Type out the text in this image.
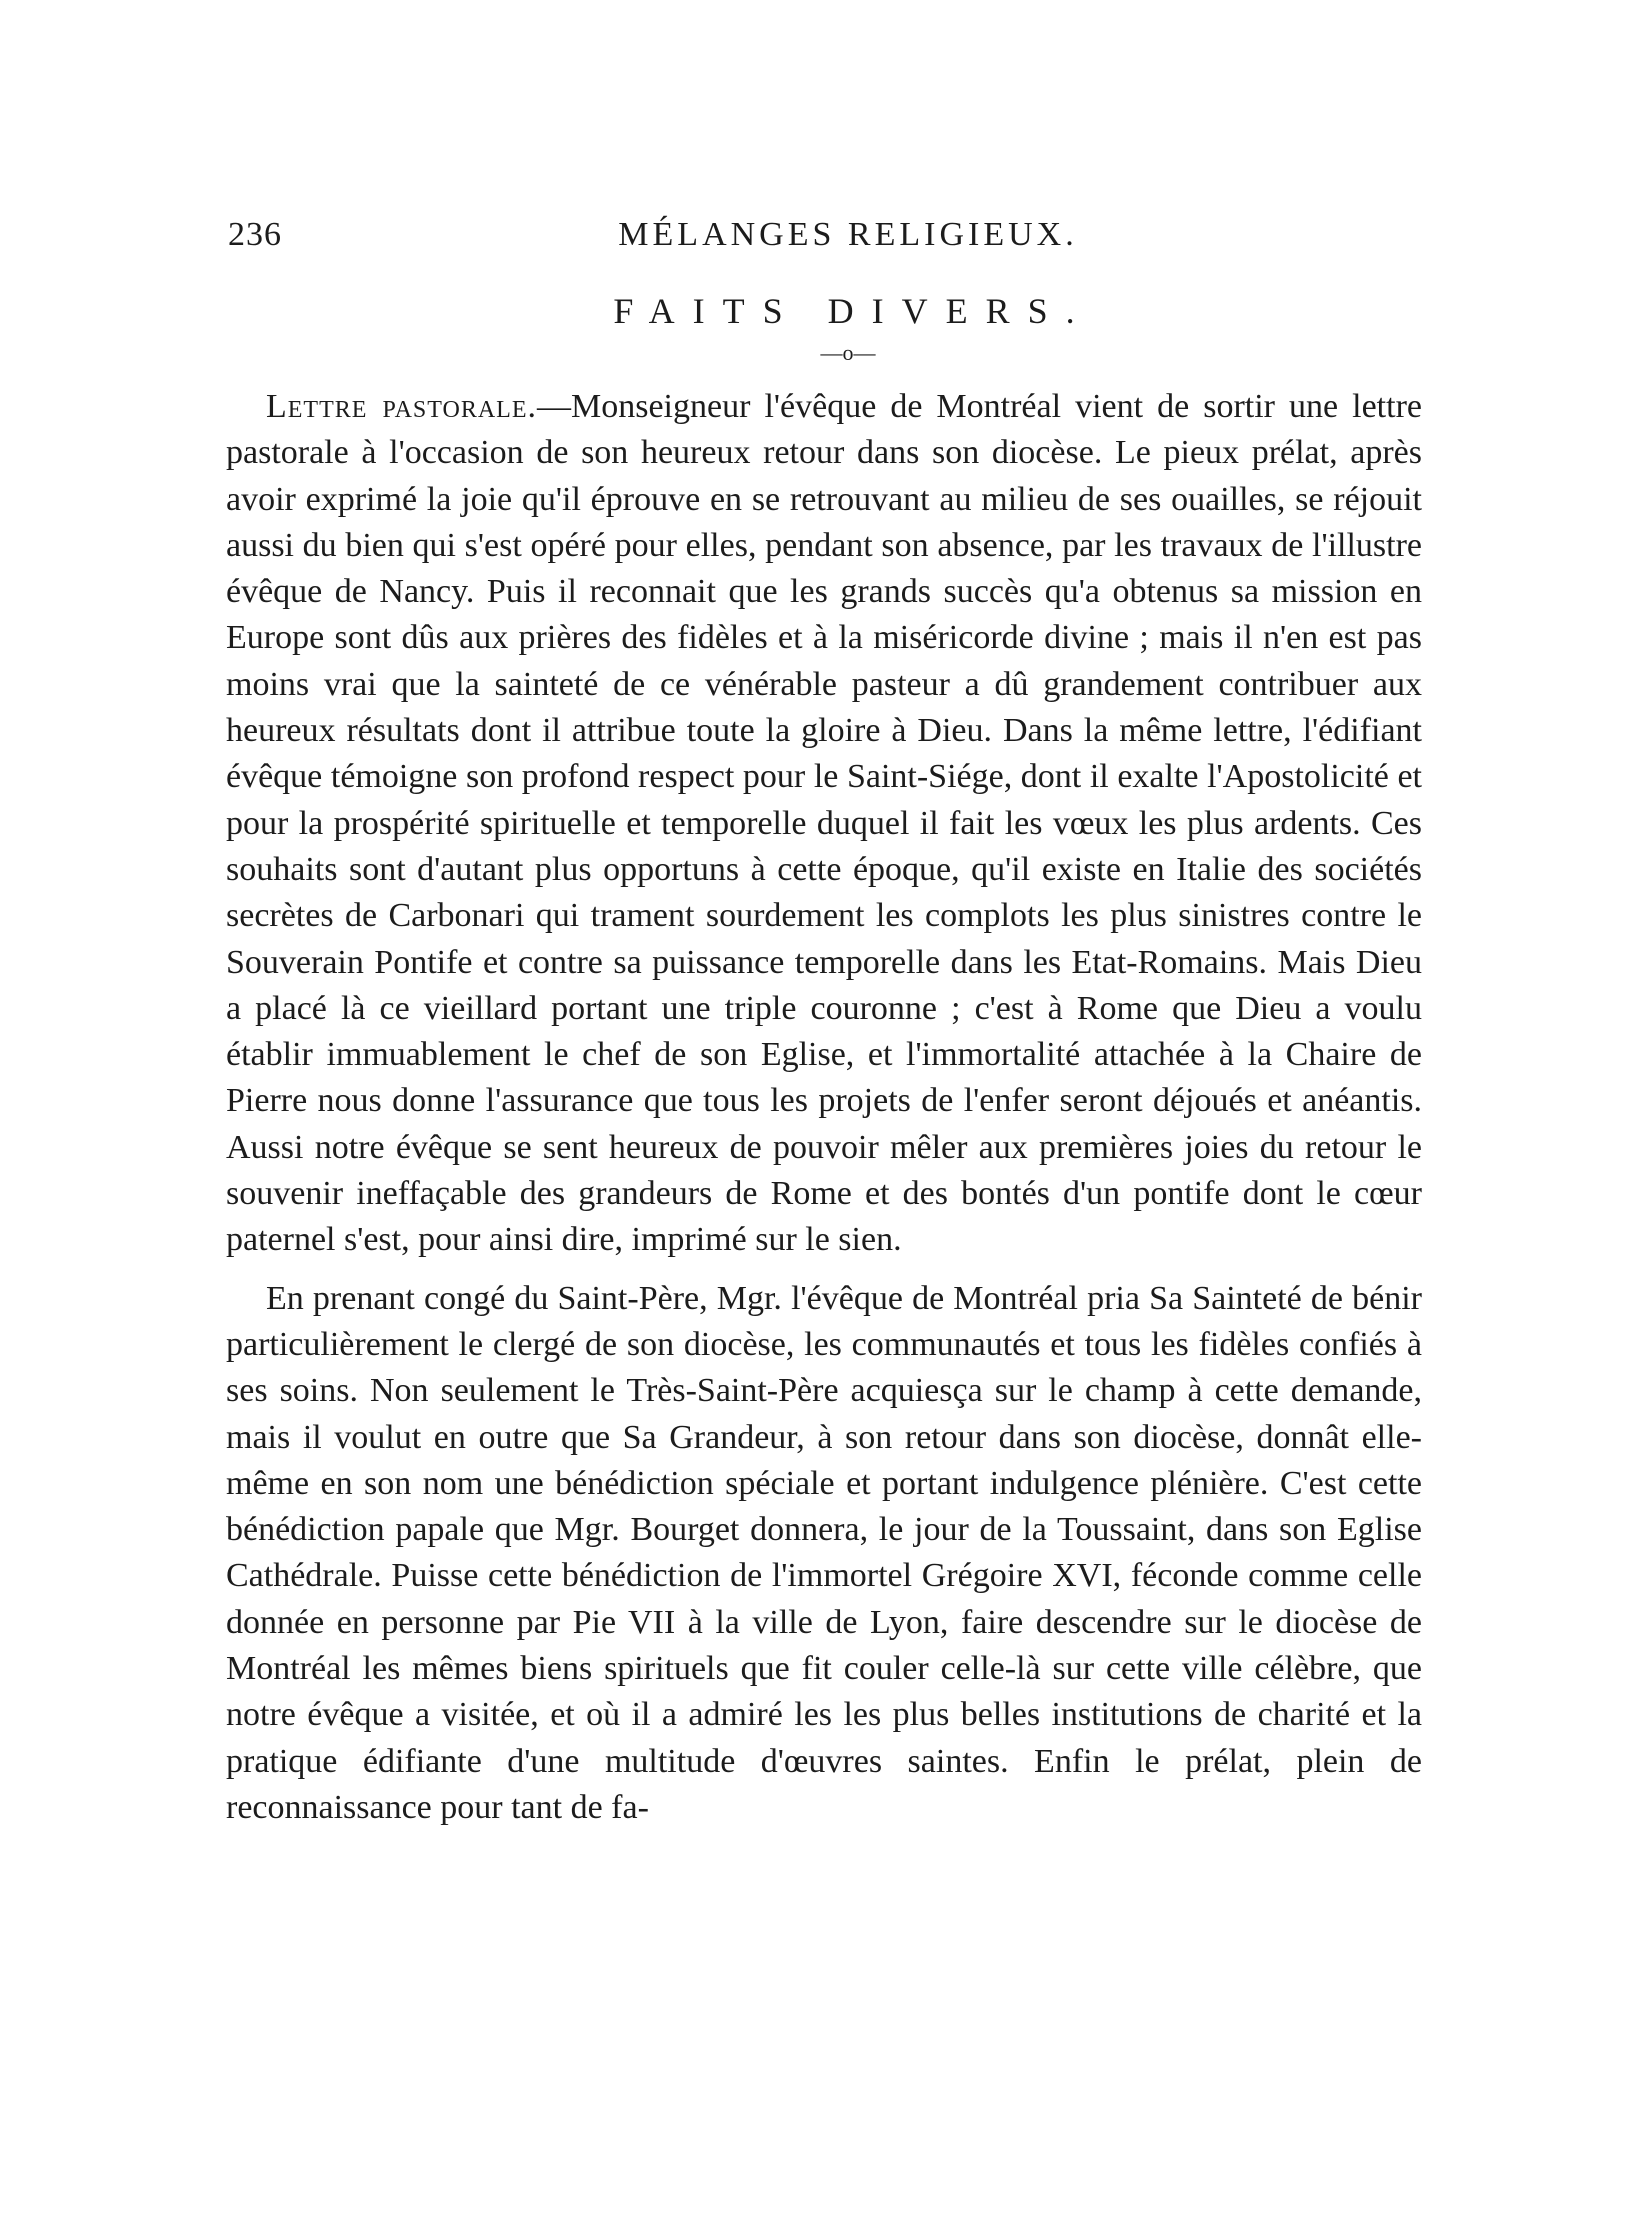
236	MÉLANGES RELIGIEUX.
FAITS DIVERS.
—o—

Lettre pastorale.—Monseigneur l'évêque de Montréal vient de sortir une lettre pastorale à l'occasion de son heureux retour dans son diocèse. Le pieux prélat, après avoir exprimé la joie qu'il éprouve en se retrouvant au milieu de ses ouailles, se réjouit aussi du bien qui s'est opéré pour elles, pendant son absence, par les travaux de l'illustre évêque de Nancy. Puis il reconnait que les grands succès qu'a obtenus sa mission en Europe sont dûs aux prières des fidèles et à la miséricorde divine ; mais il n'en est pas moins vrai que la sainteté de ce vénérable pasteur a dû grandement contribuer aux heureux résultats dont il attribue toute la gloire à Dieu. Dans la même lettre, l'édifiant évêque témoigne son profond respect pour le Saint-Siége, dont il exalte l'Apostolicité et pour la prospérité spirituelle et temporelle duquel il fait les vœux les plus ardents. Ces souhaits sont d'autant plus opportuns à cette époque, qu'il existe en Italie des sociétés secrètes de Carbonari qui trament sourdement les complots les plus sinistres contre le Souverain Pontife et contre sa puissance temporelle dans les Etat-Romains. Mais Dieu a placé là ce vieillard portant une triple couronne ; c'est à Rome que Dieu a voulu établir immuablement le chef de son Eglise, et l'immortalité attachée à la Chaire de Pierre nous donne l'assurance que tous les projets de l'enfer seront déjoués et anéantis. Aussi notre évêque se sent heureux de pouvoir mêler aux premières joies du retour le souvenir ineffaçable des grandeurs de Rome et des bontés d'un pontife dont le cœur paternel s'est, pour ainsi dire, imprimé sur le sien.

En prenant congé du Saint-Père, Mgr. l'évêque de Montréal pria Sa Sainteté de bénir particulièrement le clergé de son diocèse, les communautés et tous les fidèles confiés à ses soins. Non seulement le Très-Saint-Père acquiesça sur le champ à cette demande, mais il voulut en outre que Sa Grandeur, à son retour dans son diocèse, donnât elle-même en son nom une bénédiction spéciale et portant indulgence plénière. C'est cette bénédiction papale que Mgr. Bourget donnera, le jour de la Toussaint, dans son Eglise Cathédrale. Puisse cette bénédiction de l'immortel Grégoire XVI, féconde comme celle donnée en personne par Pie VII à la ville de Lyon, faire descendre sur le diocèse de Montréal les mêmes biens spirituels que fit couler celle-là sur cette ville célèbre, que notre évêque a visitée, et où il a admiré les les plus belles institutions de charité et la pratique édifiante d'une multitude d'œuvres saintes. Enfin le prélat, plein de reconnaissance pour tant de fa-
